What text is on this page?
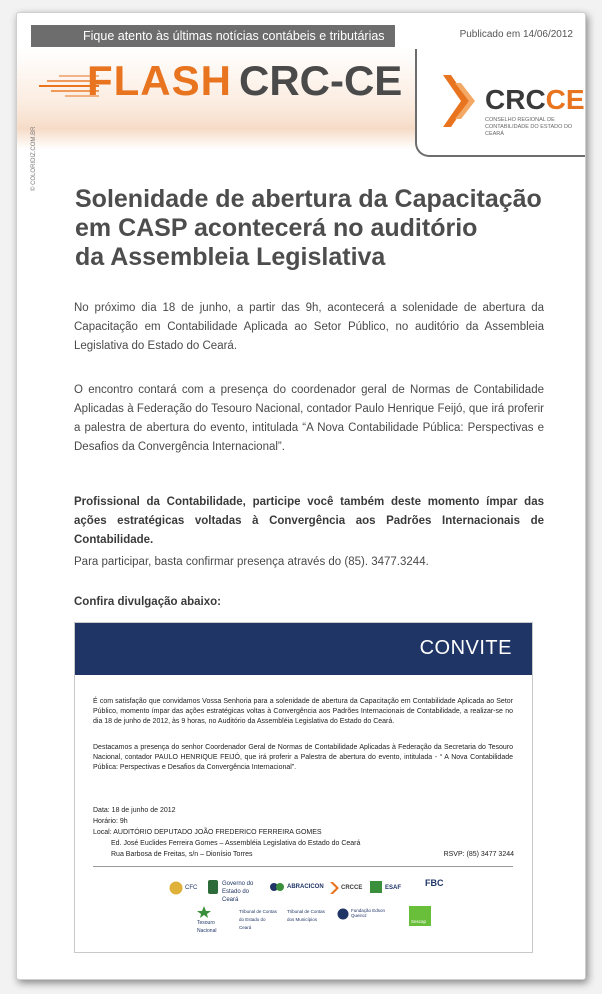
Fique atento às últimas notícias contábeis e tributárias	Publicado em 14/06/2012
FLASH CRC-CE	CRCCE
CONSELHO REGIONAL DE CONTABILIDADE DO ESTADO DO CEARÁ
© COLORIDIZ.COM.BR
Solenidade de abertura da Capacitação
em CASP acontecerá no auditório
da Assembleia Legislativa

No próximo dia 18 de junho, a partir das 9h, acontecerá a solenidade de abertura da Capacitação em Contabilidade Aplicada ao Setor Público, no auditório da Assembleia Legislativa do Estado do Ceará.

O encontro contará com a presença do coordenador geral de Normas de Contabilidade Aplicadas à Federação do Tesouro Nacional, contador Paulo Henrique Feijó, que irá proferir a palestra de abertura do evento, intitulada “A Nova Contabilidade Pública: Perspectivas e Desafios da Convergência Internacional”.

Profissional da Contabilidade, participe você também deste momento ímpar das ações estratégicas voltadas à Convergência aos Padrões Internacionais de Contabilidade.

Para participar, basta confirmar presença através do (85). 3477.3244.

Confira divulgação abaixo:

CONVITE

É com satisfação que convidamos Vossa Senhoria para a solenidade de abertura da Capacitação em Contabilidade Aplicada ao Setor Público, momento ímpar das ações estratégicas voltas à Convergência aos Padrões Internacionais de Contabilidade, a realizar-se no dia 18 de junho de 2012, às 9 horas, no Auditório da Assembléia Legislativa do Estado do Ceará.

Destacamos a presença do senhor Coordenador Geral de Normas de Contabilidade Aplicadas à Federação da Secretaria do Tesouro Nacional, contador PAULO HENRIQUE FEIJÓ, que irá proferir a Palestra de abertura do evento, intitulada - “ A Nova Contabilidade Pública: Perspectivas e Desafios da Convergência Internacional”.

Data: 18 de junho de 2012
Horário: 9h
Local: AUDITÓRIO DEPUTADO JOÃO FREDERICO FERREIRA GOMES
Ed. José Euclides Ferreira Gomes – Assembléia Legislativa do Estado do Ceará
Rua Barbosa de Freitas, s/n – Dionísio Torres	RSVP: (85) 3477 3244
CFC
Governo do Estado do Ceará
ABRACICON	CRCCE	ESAF	FBC
Tesouro Nacional
Tribunal de Contas do Estado do Ceará
Tribunal de Contas dos Municípios
Fundação Edson Queiroz
Sescap
